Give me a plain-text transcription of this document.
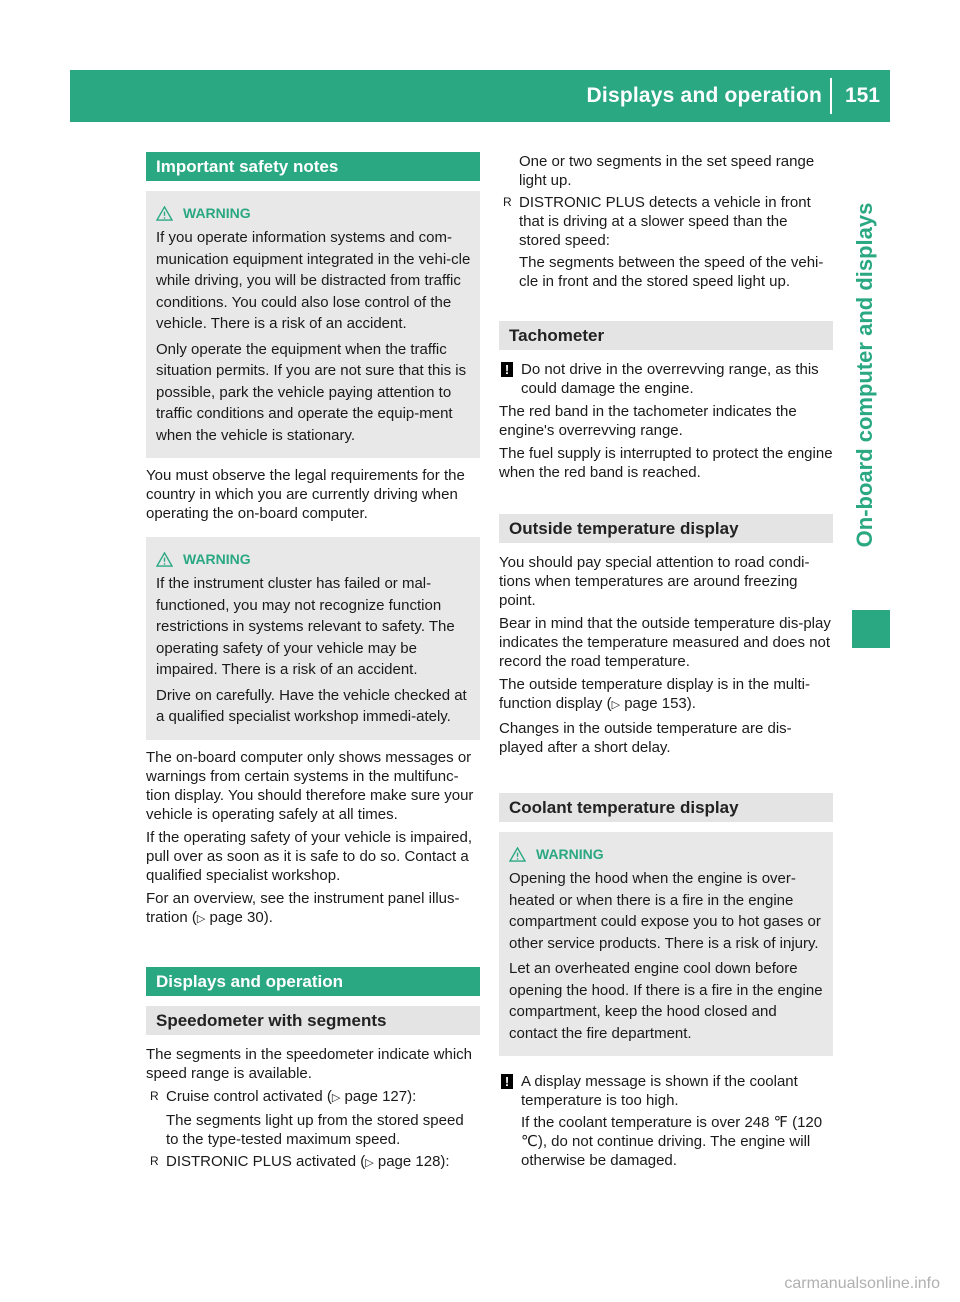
Displays and operation 151
On-board computer and displays
Important safety notes
WARNING

If you operate information systems and com-munication equipment integrated in the vehi-cle while driving, you will be distracted from traffic conditions. You could also lose control of the vehicle. There is a risk of an accident.

Only operate the equipment when the traffic situation permits. If you are not sure that this is possible, park the vehicle paying attention to traffic conditions and operate the equip-ment when the vehicle is stationary.

You must observe the legal requirements for the country in which you are currently driving when operating the on-board computer.

WARNING

If the instrument cluster has failed or mal-functioned, you may not recognize function restrictions in systems relevant to safety. The operating safety of your vehicle may be impaired. There is a risk of an accident.

Drive on carefully. Have the vehicle checked at a qualified specialist workshop immedi-ately.

The on-board computer only shows messages or warnings from certain systems in the multifunc-tion display. You should therefore make sure your vehicle is operating safely at all times.

If the operating safety of your vehicle is impaired, pull over as soon as it is safe to do so. Contact a qualified specialist workshop.

For an overview, see the instrument panel illus-tration (▷ page 30).

Displays and operation
Speedometer with segments

The segments in the speedometer indicate which speed range is available.

R Cruise control activated (▷ page 127):

The segments light up from the stored speed to the type-tested maximum speed.

R DISTRONIC PLUS activated (▷ page 128):

One or two segments in the set speed range light up.

R DISTRONIC PLUS detects a vehicle in front that is driving at a slower speed than the stored speed:

The segments between the speed of the vehi-cle in front and the stored speed light up.

Tachometer
! Do not drive in the overrevving range, as this could damage the engine.

The red band in the tachometer indicates the engine's overrevving range.

The fuel supply is interrupted to protect the engine when the red band is reached.

Outside temperature display

You should pay special attention to road condi-tions when temperatures are around freezing point.

Bear in mind that the outside temperature dis-play indicates the temperature measured and does not record the road temperature.

The outside temperature display is in the multi-function display (▷ page 153).

Changes in the outside temperature are dis-played after a short delay.

Coolant temperature display
WARNING

Opening the hood when the engine is over-heated or when there is a fire in the engine compartment could expose you to hot gases or other service products. There is a risk of injury.

Let an overheated engine cool down before opening the hood. If there is a fire in the engine compartment, keep the hood closed and contact the fire department.

! A display message is shown if the coolant temperature is too high.

If the coolant temperature is over 248 ℉ (120 ℃), do not continue driving. The engine will otherwise be damaged.

carmanualsonline.info
